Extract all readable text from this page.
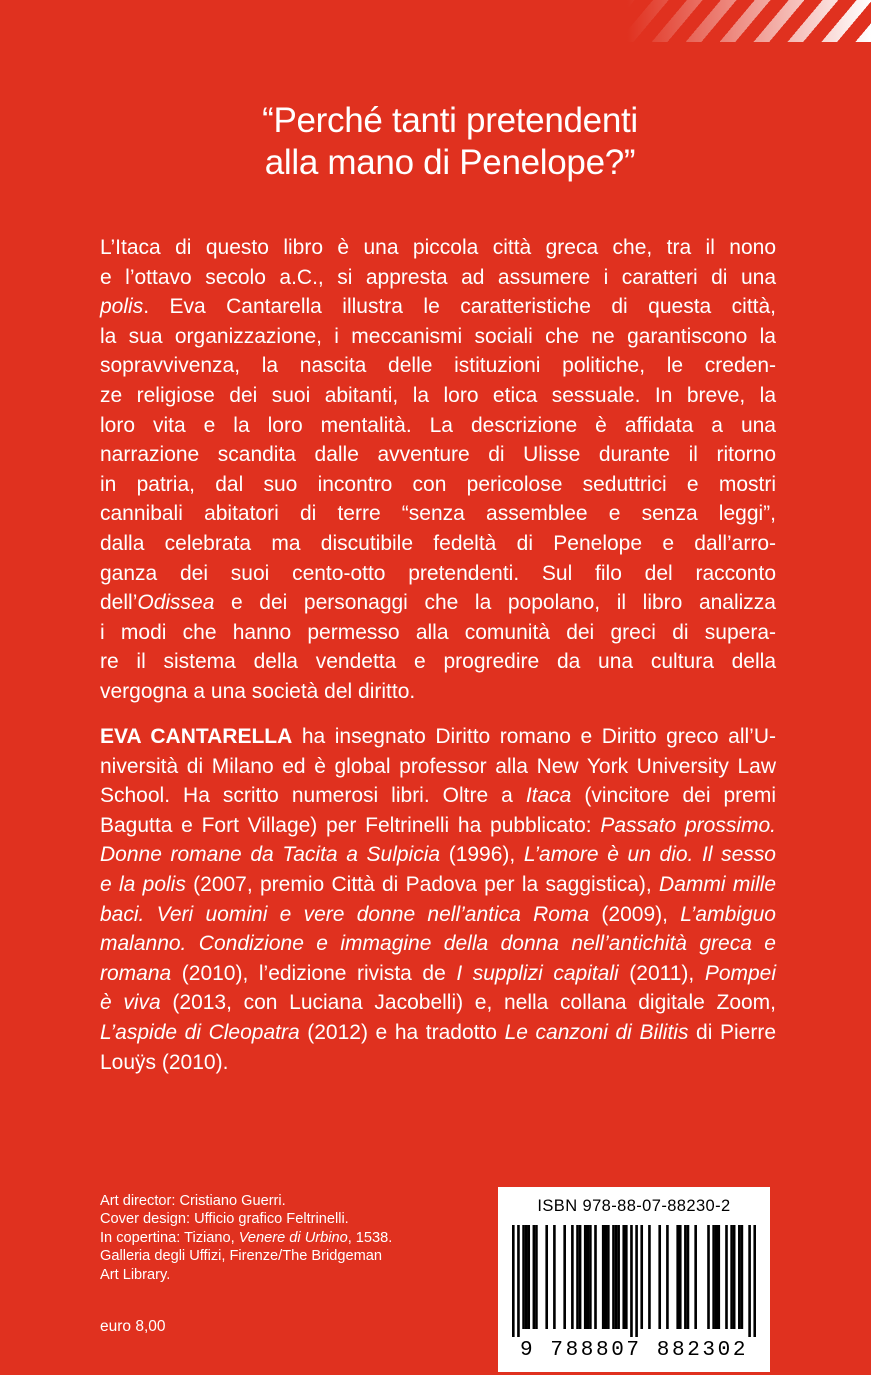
“Perché tanti pretendenti
alla mano di Penelope?”
L’Itaca di questo libro è una piccola città greca che, tra il nono
e l’ottavo secolo a.C., si appresta ad assumere i caratteri di una
polis. Eva Cantarella illustra le caratteristiche di questa città,
la sua organizzazione, i meccanismi sociali che ne garantiscono la
sopravvivenza, la nascita delle istituzioni politiche, le creden-
ze religiose dei suoi abitanti, la loro etica sessuale. In breve, la
loro vita e la loro mentalità. La descrizione è affidata a una
narrazione scandita dalle avventure di Ulisse durante il ritorno
in patria, dal suo incontro con pericolose seduttrici e mostri
cannibali abitatori di terre “senza assemblee e senza leggi”,
dalla celebrata ma discutibile fedeltà di Penelope e dall’arro-
ganza dei suoi cento-otto pretendenti. Sul filo del racconto
dell’Odissea e dei personaggi che la popolano, il libro analizza
i modi che hanno permesso alla comunità dei greci di supera-
re il sistema della vendetta e progredire da una cultura della
vergogna a una società del diritto.
EVA CANTARELLA ha insegnato Diritto romano e Diritto greco all’U-
niversità di Milano ed è global professor alla New York University Law
School. Ha scritto numerosi libri. Oltre a Itaca (vincitore dei premi
Bagutta e Fort Village) per Feltrinelli ha pubblicato: Passato prossimo.
Donne romane da Tacita a Sulpicia (1996), L’amore è un dio. Il sesso
e la polis (2007, premio Città di Padova per la saggistica), Dammi mille
baci. Veri uomini e vere donne nell’antica Roma (2009), L’ambiguo
malanno. Condizione e immagine della donna nell’antichità greca e
romana (2010), l’edizione rivista de I supplizi capitali (2011), Pompei
è viva (2013, con Luciana Jacobelli) e, nella collana digitale Zoom,
L’aspide di Cleopatra (2012) e ha tradotto Le canzoni di Bilitis di Pierre
Louÿs (2010).
Art director: Cristiano Guerri.
Cover design: Ufficio grafico Feltrinelli.
In copertina: Tiziano, Venere di Urbino, 1538.
Galleria degli Uffizi, Firenze/The Bridgeman
Art Library.
euro 8,00
ISBN 978-88-07-88230-2
9 788807 882302
